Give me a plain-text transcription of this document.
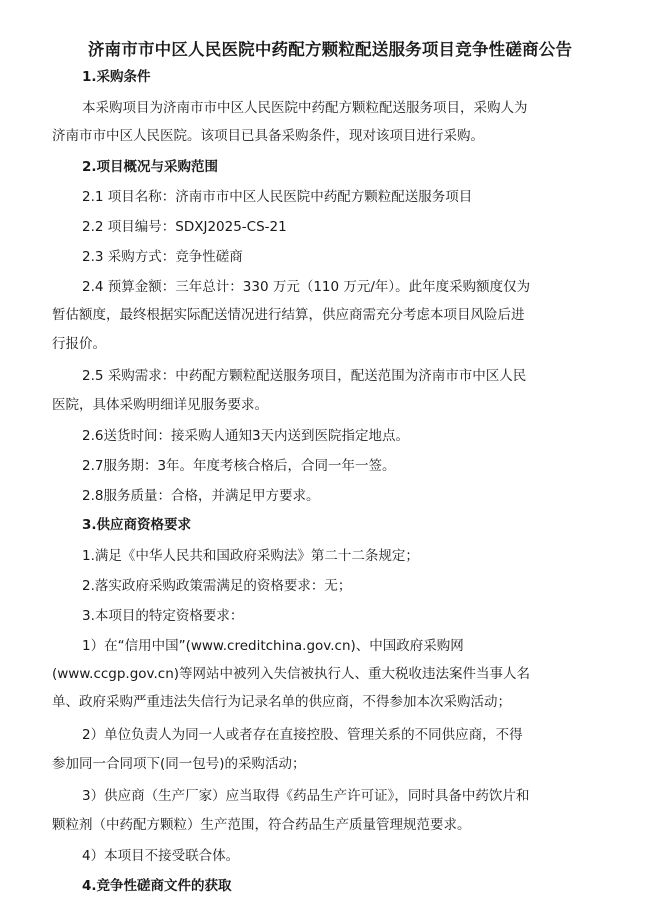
济南市市中区人民医院中药配方颗粒配送服务项目竞争性磋商公告
1.采购条件
本采购项目为济南市市中区人民医院中药配方颗粒配送服务项目，采购人为
济南市市中区人民医院。该项目已具备采购条件，现对该项目进行采购。
2.项目概况与采购范围
2.1 项目名称：济南市市中区人民医院中药配方颗粒配送服务项目
2.2 项目编号：SDXJ2025-CS-21
2.3 采购方式：竞争性磋商
2.4 预算金额：三年总计：330 万元（110 万元/年）。此年度采购额度仅为
暂估额度，最终根据实际配送情况进行结算，供应商需充分考虑本项目风险后进
行报价。
2.5 采购需求：中药配方颗粒配送服务项目，配送范围为济南市市中区人民
医院，具体采购明细详见服务要求。
2.6送货时间：接采购人通知3天内送到医院指定地点。
2.7服务期：3年。年度考核合格后，合同一年一签。
2.8服务质量：合格，并满足甲方要求。
3.供应商资格要求
1.满足《中华人民共和国政府采购法》第二十二条规定；
2.落实政府采购政策需满足的资格要求：无；
3.本项目的特定资格要求：
1）在“信用中国”(www.creditchina.gov.cn)、中国政府采购网
(www.ccgp.gov.cn)等网站中被列入失信被执行人、重大税收违法案件当事人名
单、政府采购严重违法失信行为记录名单的供应商，不得参加本次采购活动；
2）单位负责人为同一人或者存在直接控股、管理关系的不同供应商，不得
参加同一合同项下(同一包号)的采购活动；
3）供应商（生产厂家）应当取得《药品生产许可证》，同时具备中药饮片和
颗粒剂（中药配方颗粒）生产范围，符合药品生产质量管理规范要求。
4）本项目不接受联合体。
4.竞争性磋商文件的获取
